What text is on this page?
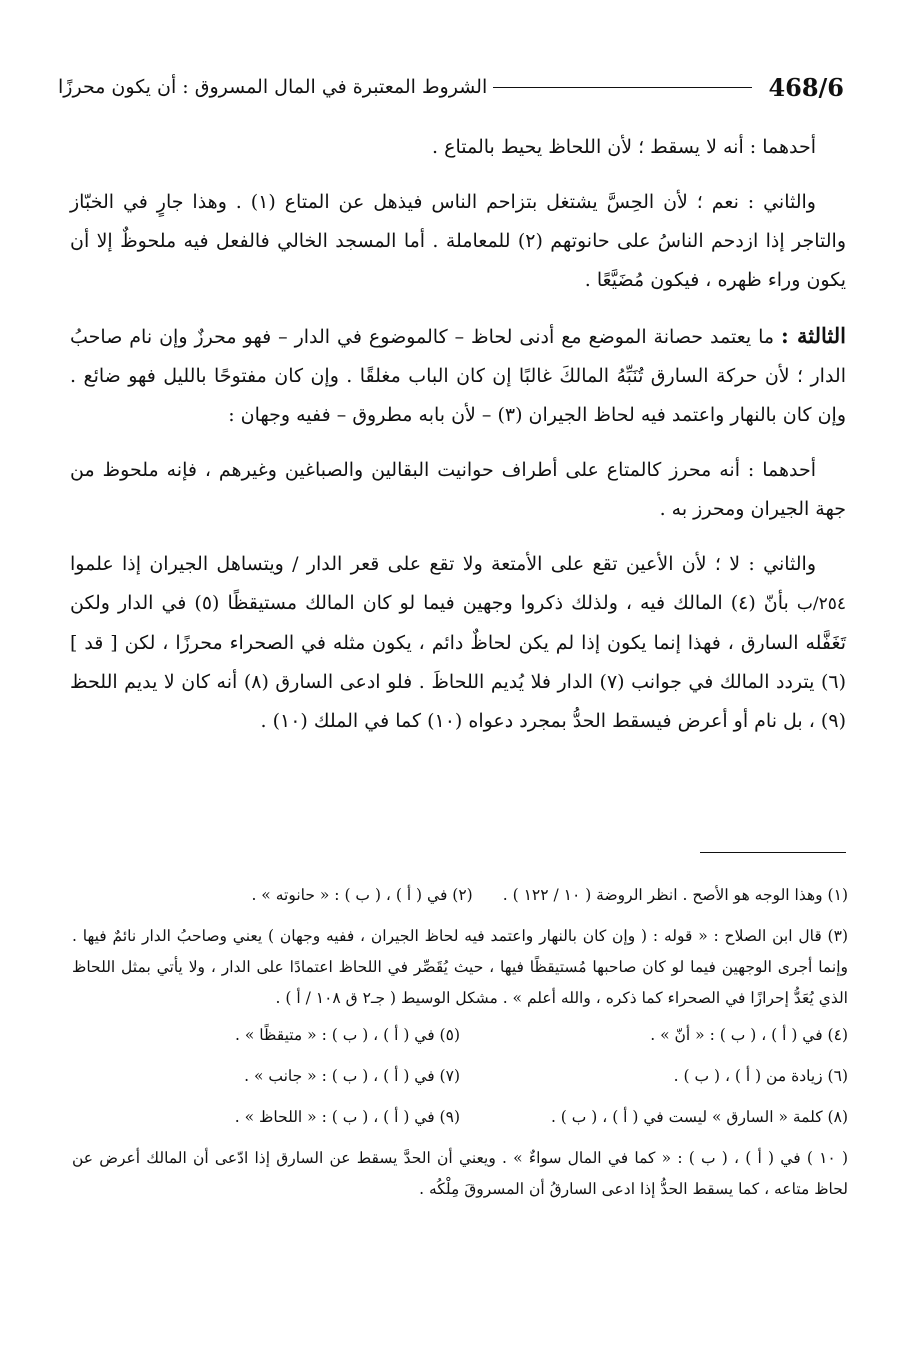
468/6
الشروط المعتبرة في المال المسروق : أن يكون محرزًا

أحدهما : أنه لا يسقط ؛ لأن اللحاظ يحيط بالمتاع .

والثاني : نعم ؛ لأن الحِسَّ يشتغل بتزاحم الناس فيذهل عن المتاع (١) . وهذا جارٍ في الخبّاز والتاجر إذا ازدحم الناسُ على حانوتهم (٢) للمعاملة . أما المسجد الخالي فالفعل فيه ملحوظٌ إلا أن يكون وراء ظهره ، فيكون مُضَيَّعًا .

الثالثة : ما يعتمد حصانة الموضع مع أدنى لحاظ – كالموضوع في الدار – فهو محرزٌ وإن نام صاحبُ الدار ؛ لأن حركة السارق تُنَبِّهُ المالكَ غالبًا إن كان الباب مغلقًا . وإن كان مفتوحًا بالليل فهو ضائع . وإن كان بالنهار واعتمد فيه لحاظ الجيران (٣) – لأن بابه مطروق – ففيه وجهان :

أحدهما : أنه محرز كالمتاع على أطراف حوانيت البقالين والصباغين وغيرهم ، فإنه ملحوظ من جهة الجيران ومحرز به .

والثاني : لا ؛ لأن الأعين تقع على الأمتعة ولا تقع على قعر الدار / ويتساهل الجيران إذا علموا ٢٥٤/ب بأنّ (٤) المالك فيه ، ولذلك ذكروا وجهين فيما لو كان المالك مستيقظًا (٥) في الدار ولكن تَغَفَّله السارق ، فهذا إنما يكون إذا لم يكن لحاظٌ دائم ، يكون مثله في الصحراء محرزًا ، لكن [ قد ] (٦) يتردد المالك في جوانب (٧) الدار فلا يُديم اللحاظَ . فلو ادعى السارق (٨) أنه كان لا يديم اللحظ (٩) ، بل نام أو أعرض فيسقط الحدُّ بمجرد دعواه (١٠) كما في الملك (١٠) .

(١) وهذا الوجه هو الأصح . انظر الروضة ( ١٠ / ١٢٢ ) .
(٢) في ( أ ) ، ( ب ) : « حانوته » .

(٣) قال ابن الصلاح : « قوله : ( وإن كان بالنهار واعتمد فيه لحاظ الجيران ، ففيه وجهان ) يعني وصاحبُ الدار نائمٌ فيها . وإنما أجرى الوجهين فيما لو كان صاحبها مُستيقظًا فيها ، حيث يُقَصِّر في اللحاظ اعتمادًا على الدار ، ولا يأتي بمثل اللحاظ الذي يُعَدُّ إحرازًا في الصحراء كما ذكره ، والله أعلم » . مشكل الوسيط ( جـ٢ ق ١٠٨ / أ ) .

(٤) في ( أ ) ، ( ب ) : « أنّ » .
(٥) في ( أ ) ، ( ب ) : « متيقظًا » .
(٦) زيادة من ( أ ) ، ( ب ) .
(٧) في ( أ ) ، ( ب ) : « جانب » .
(٨) كلمة « السارق » ليست في ( أ ) ، ( ب ) .
(٩) في ( أ ) ، ( ب ) : « اللحاظ » .

( ١٠ ) في ( أ ) ، ( ب ) : « كما في المال سواءٌ » . ويعني أن الحدَّ يسقط عن السارق إذا ادّعى أن المالك أعرض عن لحاظ متاعه ، كما يسقط الحدُّ إذا ادعى السارقُ أن المسروقَ مِلْكُه .
